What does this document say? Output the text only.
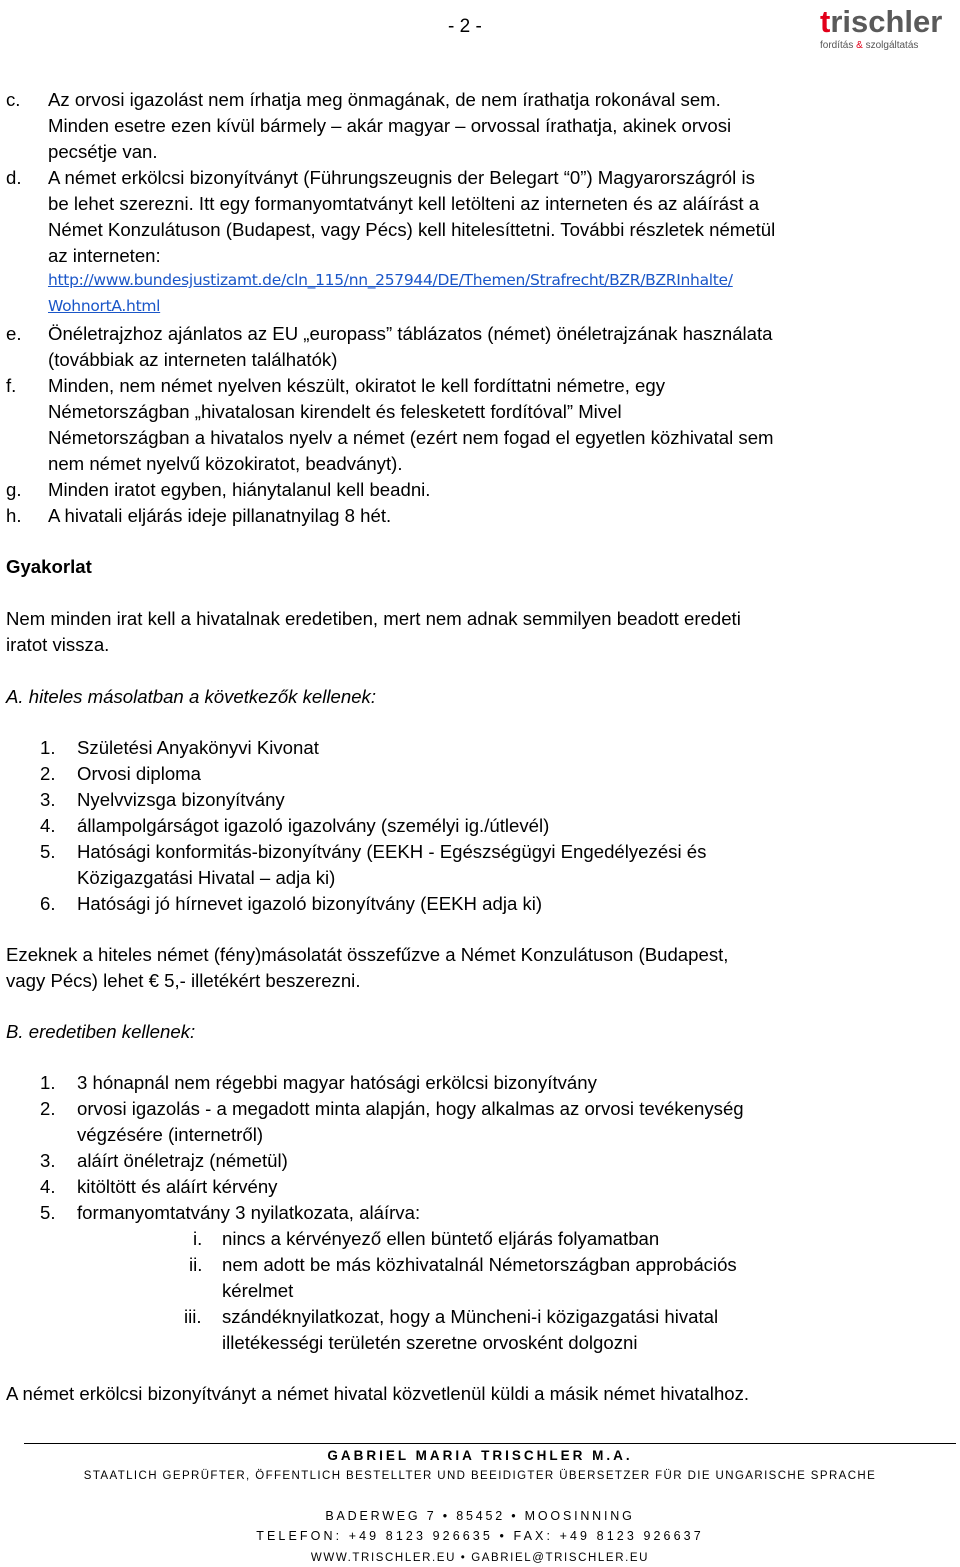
- 2 -	trischler
fordítás & szolgáltatás
c. Az orvosi igazolást nem írhatja meg önmagának, de nem írathatja rokonával sem.
Minden esetre ezen kívül bármely – akár magyar – orvossal írathatja, akinek orvosi
pecsétje van.
d. A német erkölcsi bizonyítványt (Führungszeugnis der Belegart “0”) Magyarországról is
be lehet szerezni. Itt egy formanyomtatványt kell letölteni az interneten és az aláírást a
Német Konzulátuson (Budapest, vagy Pécs) kell hitelesíttetni. További részletek németül
az interneten:
http://www.bundesjustizamt.de/cln_115/nn_257944/DE/Themen/Strafrecht/BZR/BZRInhalte/
WohnortA.html
e. Önéletrajzhoz ajánlatos az EU „europass” táblázatos (német) önéletrajzának használata
(továbbiak az interneten találhatók)
f. Minden, nem német nyelven készült, okiratot le kell fordíttatni németre, egy
Németországban „hivatalosan kirendelt és felesketett fordítóval” Mivel
Németországban a hivatalos nyelv a német (ezért nem fogad el egyetlen közhivatal sem
nem német nyelvű közokiratot, beadványt).
g. Minden iratot egyben, hiánytalanul kell beadni.
h. A hivatali eljárás ideje pillanatnyilag 8 hét.
Gyakorlat
Nem minden irat kell a hivatalnak eredetiben, mert nem adnak semmilyen beadott eredeti
iratot vissza.
A. hiteles másolatban a következők kellenek:
1. Születési Anyakönyvi Kivonat
2. Orvosi diploma
3. Nyelvvizsga bizonyítvány
4. állampolgárságot igazoló igazolvány (személyi ig./útlevél)
5. Hatósági konformitás-bizonyítvány (EEKH - Egészségügyi Engedélyezési és
Közigazgatási Hivatal – adja ki)
6. Hatósági jó hírnevet igazoló bizonyítvány (EEKH adja ki)
Ezeknek a hiteles német (fény)másolatát összefűzve a Német Konzulátuson (Budapest,
vagy Pécs) lehet € 5,- illetékért beszerezni.
B. eredetiben kellenek:
1. 3 hónapnál nem régebbi magyar hatósági erkölcsi bizonyítvány
2. orvosi igazolás - a megadott minta alapján, hogy alkalmas az orvosi tevékenység
végzésére (internetről)
3. aláírt önéletrajz (németül)
4. kitöltött és aláírt kérvény
5. formanyomtatvány 3 nyilatkozata, aláírva:
i. nincs a kérvényező ellen büntető eljárás folyamatban
ii. nem adott be más közhivatalnál Németországban approbációs
kérelmet
iii. szándéknyilatkozat, hogy a Müncheni-i közigazgatási hivatal
illetékességi területén szeretne orvosként dolgozni
A német erkölcsi bizonyítványt a német hivatal közvetlenül küldi a másik német hivatalhoz.
GABRIEL MARIA TRISCHLER M.A.
STAATLICH GEPRÜFTER, ÖFFENTLICH BESTELLTER UND BEEIDIGTER ÜBERSETZER FÜR DIE UNGARISCHE SPRACHE
BADERWEG 7 • 85452 • MOOSINNING
TELEFON: +49 8123 926635 • FAX: +49 8123 926637
WWW.TRISCHLER.EU • GABRIEL@TRISCHLER.EU
